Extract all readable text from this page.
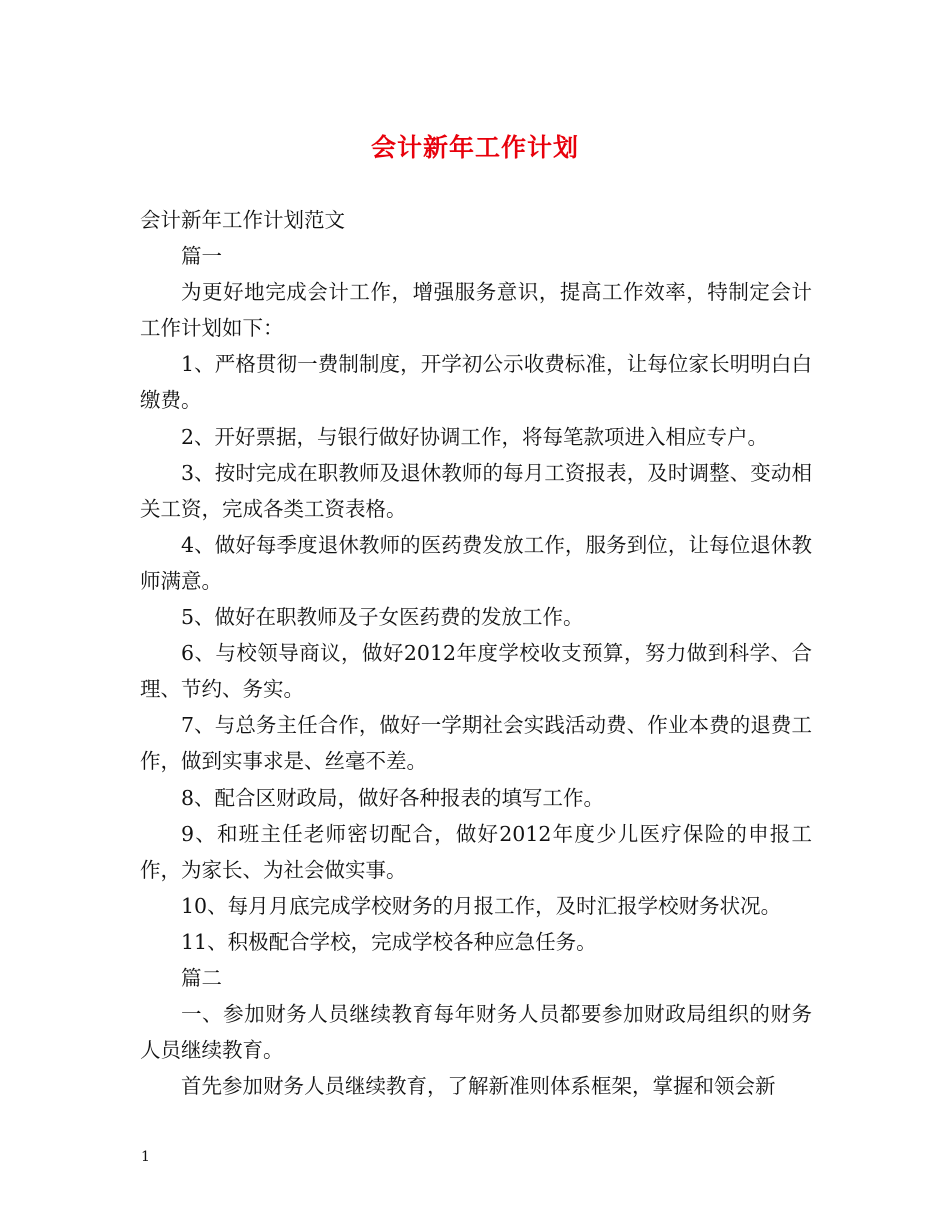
会计新年工作计划

会计新年工作计划范文

篇一

为更好地完成会计工作，增强服务意识，提高工作效率，特制定会计工作计划如下：

1、严格贯彻一费制制度，开学初公示收费标准，让每位家长明明白白缴费。

2、开好票据，与银行做好协调工作，将每笔款项进入相应专户。

3、按时完成在职教师及退休教师的每月工资报表，及时调整、变动相关工资，完成各类工资表格。

4、做好每季度退休教师的医药费发放工作，服务到位，让每位退休教师满意。

5、做好在职教师及子女医药费的发放工作。

6、与校领导商议，做好2012年度学校收支预算，努力做到科学、合理、节约、务实。

7、与总务主任合作，做好一学期社会实践活动费、作业本费的退费工作，做到实事求是、丝毫不差。

8、配合区财政局，做好各种报表的填写工作。

9、和班主任老师密切配合，做好2012年度少儿医疗保险的申报工作，为家长、为社会做实事。

10、每月月底完成学校财务的月报工作，及时汇报学校财务状况。

11、积极配合学校，完成学校各种应急任务。

篇二

一、参加财务人员继续教育每年财务人员都要参加财政局组织的财务人员继续教育。

首先参加财务人员继续教育，了解新准则体系框架，掌握和领会新

1
